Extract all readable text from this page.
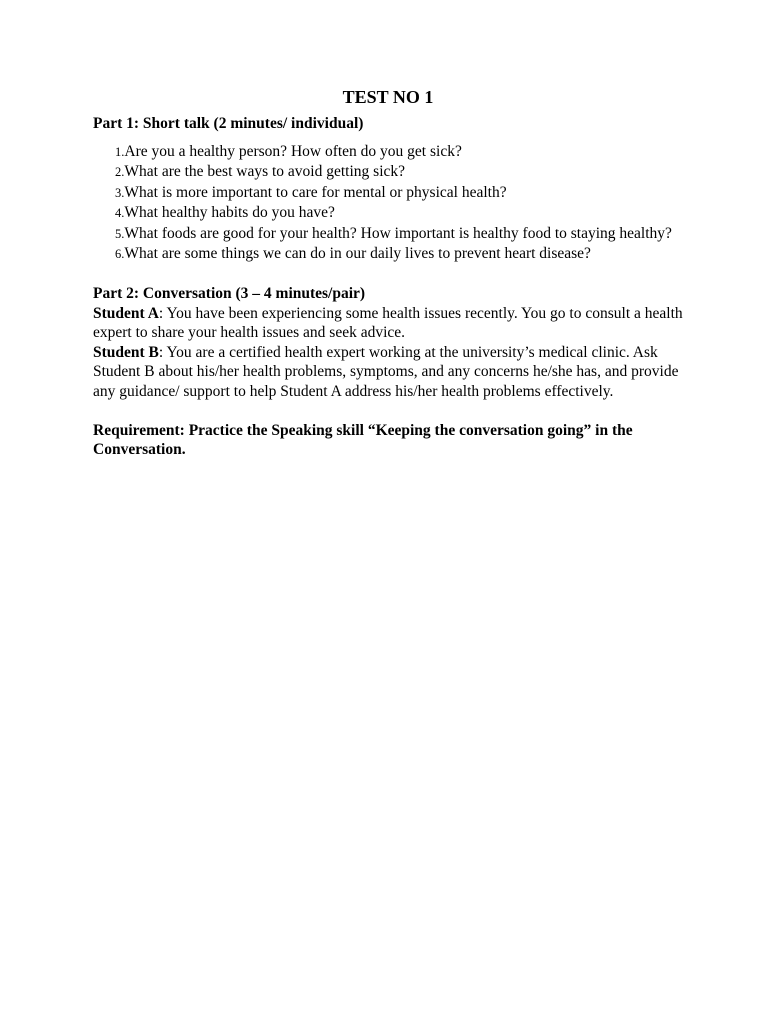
TEST NO 1
Part 1: Short talk (2 minutes/ individual)
1.Are you a healthy person? How often do you get sick?
2.What are the best ways to avoid getting sick?
3.What is more important to care for mental or physical health?
4.What healthy habits do you have?
5.What foods are good for your health? How important is healthy food to staying healthy?
6.What are some things we can do in our daily lives to prevent heart disease?
Part 2: Conversation (3 – 4 minutes/pair)

Student A: You have been experiencing some health issues recently. You go to consult a health expert to share your health issues and seek advice.

Student B: You are a certified health expert working at the university’s medical clinic. Ask Student B about his/her health problems, symptoms, and any concerns he/she has, and provide any guidance/ support to help Student A address his/her health problems effectively.

Requirement: Practice the Speaking skill “Keeping the conversation going” in the Conversation.
